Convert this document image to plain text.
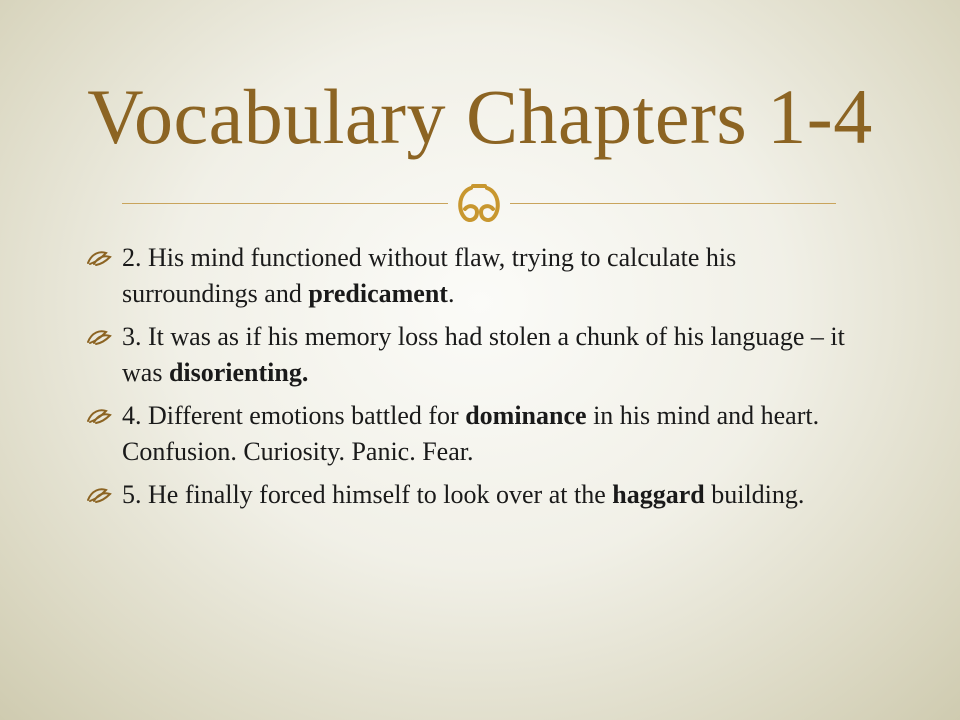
Vocabulary Chapters 1-4
2. His mind functioned without flaw, trying to calculate his surroundings and predicament.
3. It was as if his memory loss had stolen a chunk of his language – it was disorienting.
4. Different emotions battled for dominance in his mind and heart. Confusion. Curiosity. Panic. Fear.
5. He finally forced himself to look over at the haggard building.
